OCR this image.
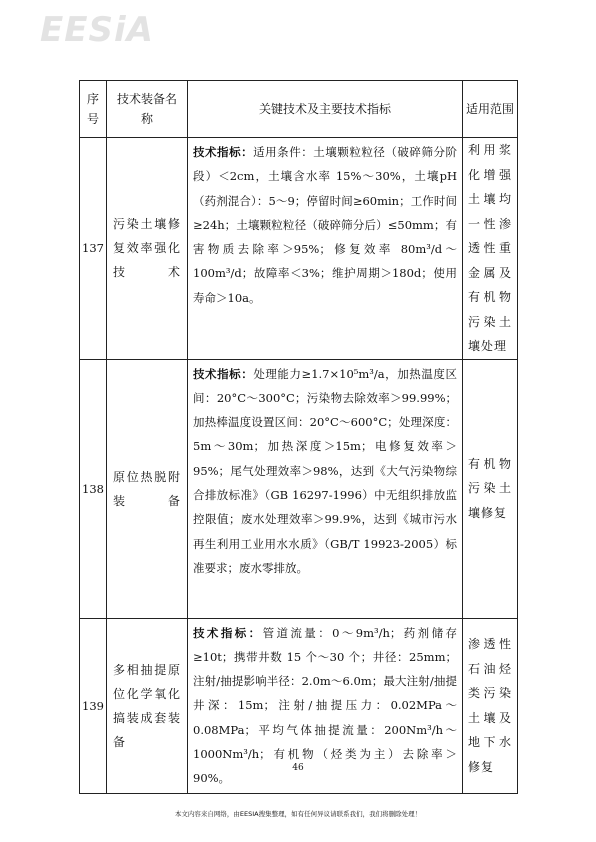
EESiA
序号	技术装备名称	关键技术及主要技术指标	适用范围
137	污染土壤修复效率强化技术	技术指标：适用条件：土壤颗粒粒径（破碎筛分阶段）＜2cm，土壤含水率 15%～30%，土壤pH（药剂混合）：5～9；停留时间≥60min；工作时间≥24h；土壤颗粒粒径（破碎筛分后）≤50mm；有害物质去除率＞95%；修复效率 80m³/d～100m³/d；故障率＜3%；维护周期＞180d；使用寿命＞10a。	利用浆化增强土壤均一性渗透性重金属及有机物污染土壤处理
138	原位热脱附装备	技术指标：处理能力≥1.7×10⁵m³/a，加热温度区间：20°C～300°C；污染物去除效率＞99.99%；加热棒温度设置区间：20°C～600°C；处理深度：5m～30m；加热深度＞15m；电修复效率＞95%；尾气处理效率＞98%，达到《大气污染物综合排放标准》（GB 16297-1996）中无组织排放监控限值；废水处理效率＞99.9%，达到《城市污水再生利用工业用水水质》（GB/T 19923-2005）标准要求；废水零排放。	有机物污染土壤修复
139	多相抽提原位化学氧化搞装成套装备	技术指标：管道流量：0～9m³/h；药剂储存≥10t；携带井数 15 个～30 个；井径：25mm；注射/抽提影响半径：2.0m～6.0m；最大注射/抽提井深：15m；注射/抽提压力：0.02MPa～0.08MPa；平均气体抽提流量：200Nm³/h～1000Nm³/h；有机物（烃类为主）去除率＞90%。	渗透性石油烃类污染土壤及地下水修复
46
本文内容来自网络，由EESIA搜集整理，如有任何异议请联系我们，我们将删除处理！
